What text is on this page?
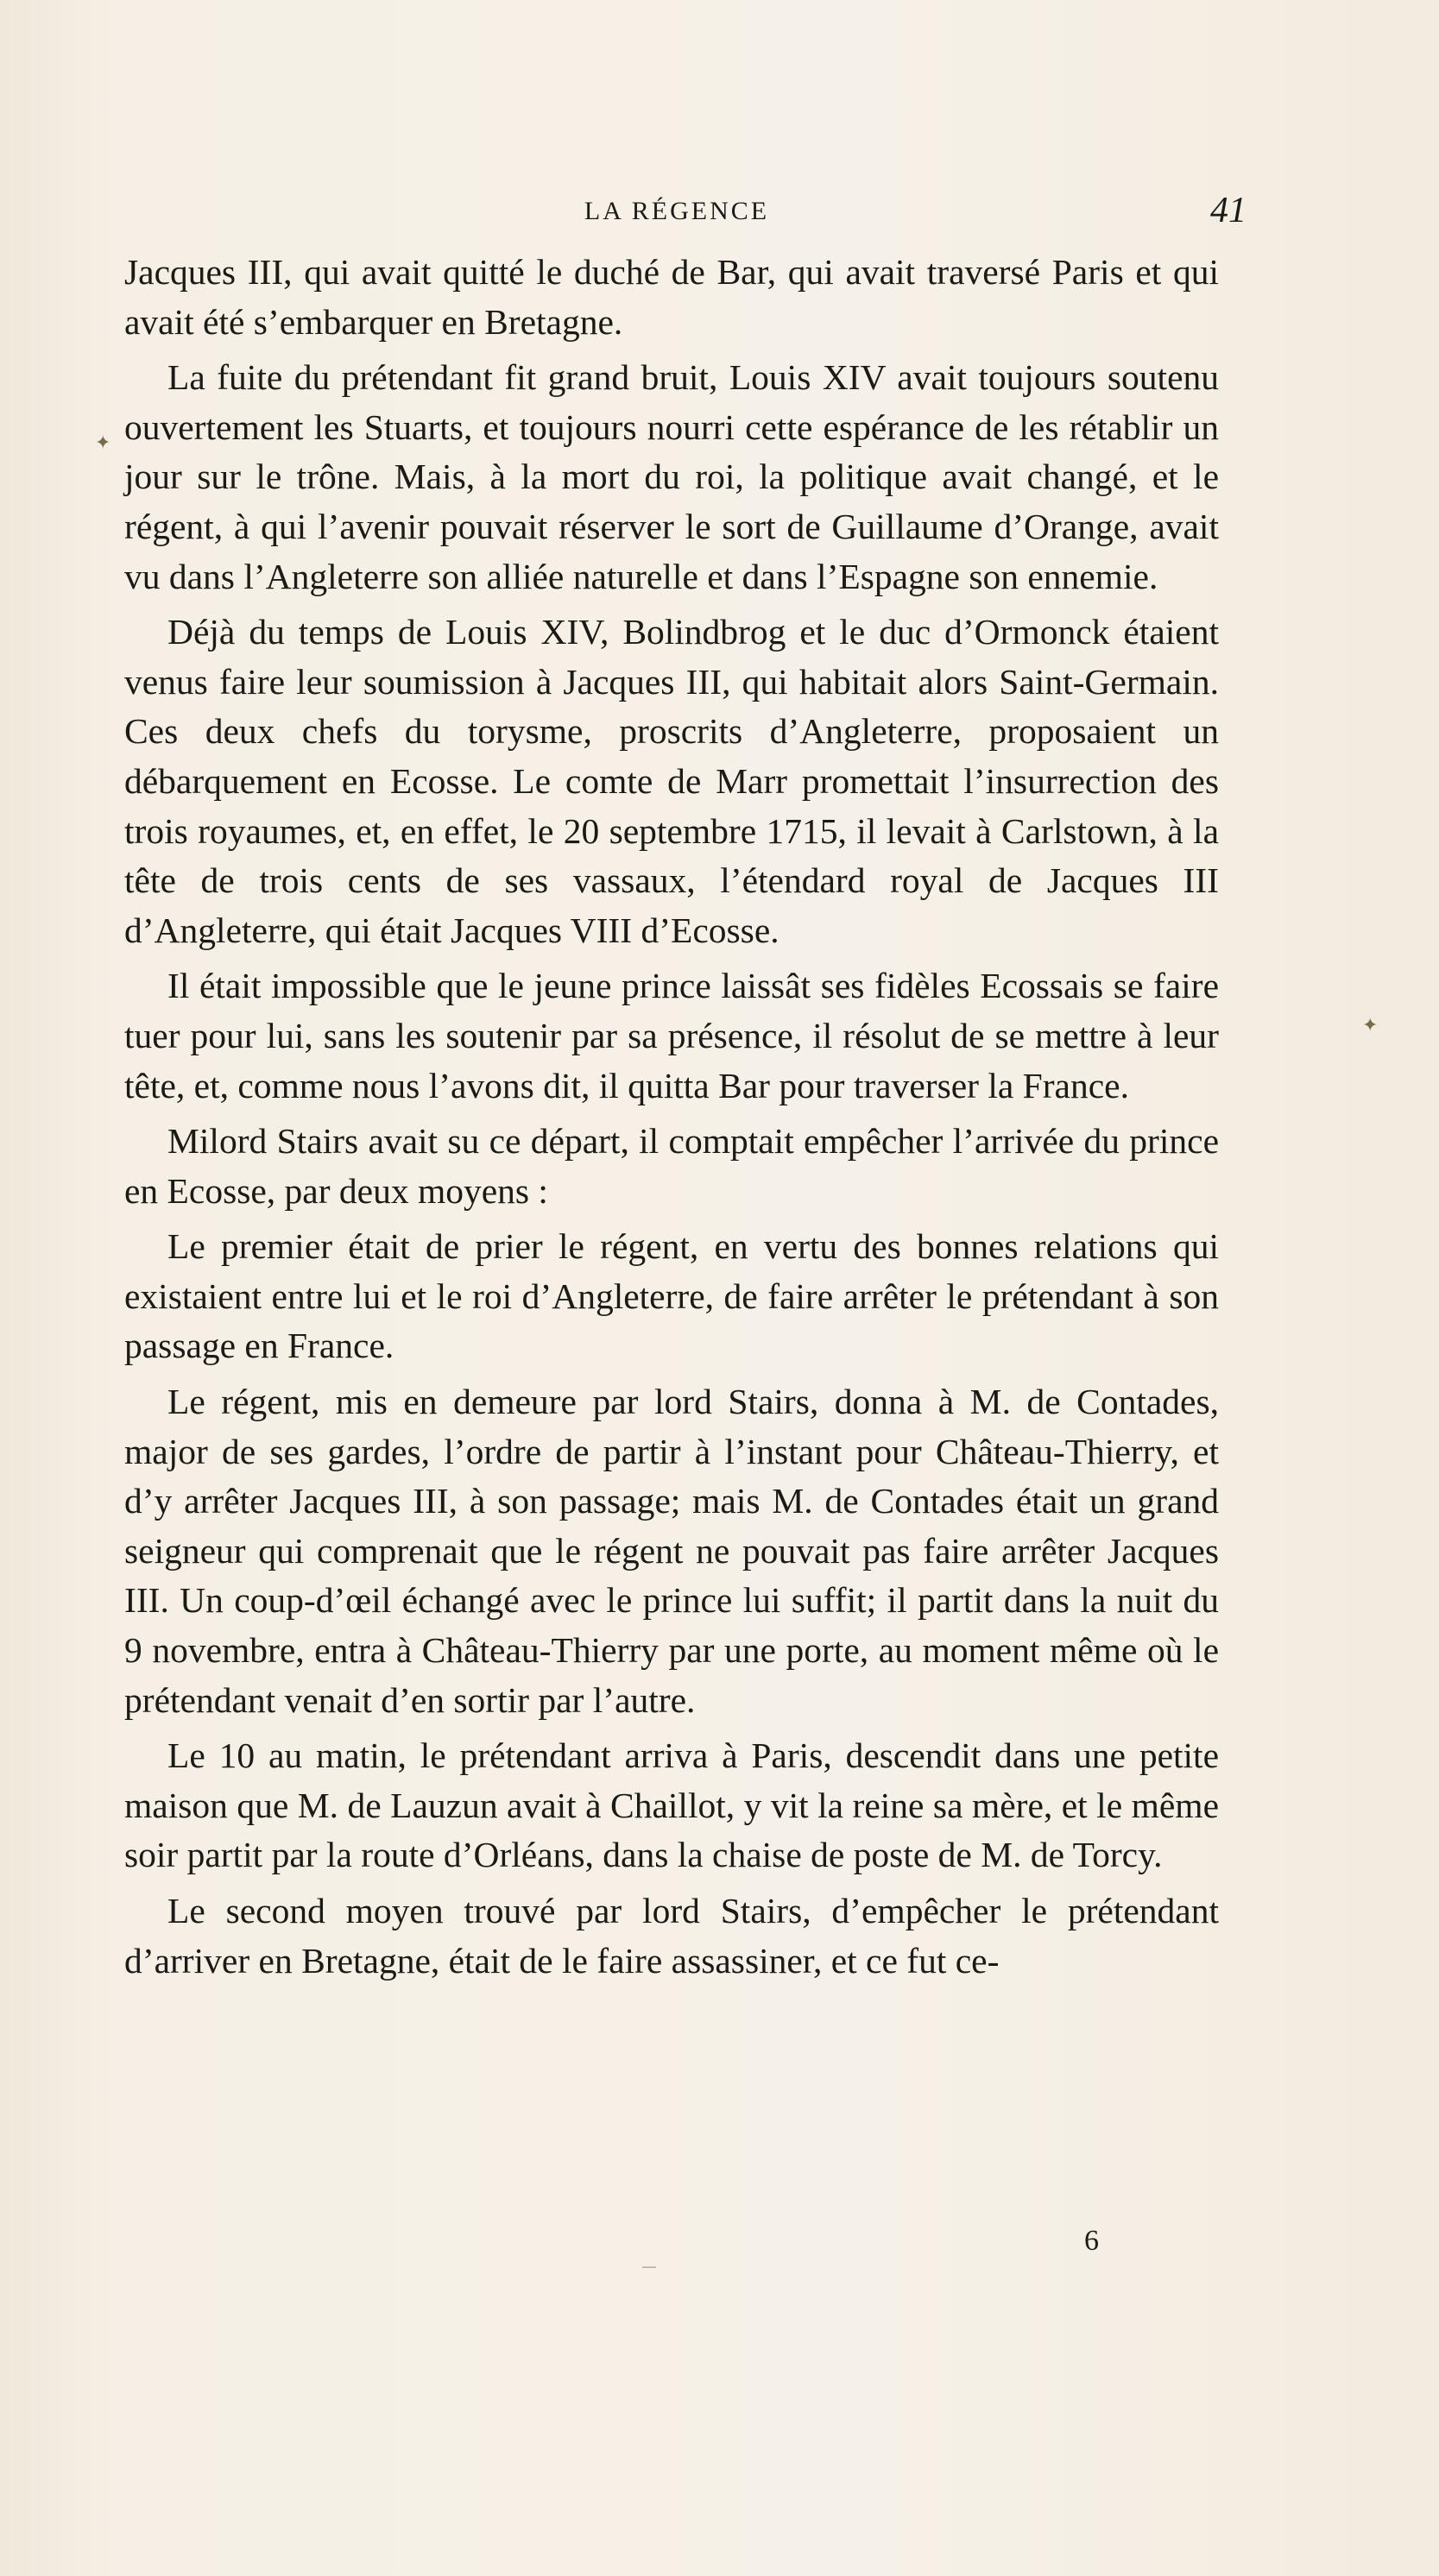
LA RÉGENCE	41

Jacques III, qui avait quitté le duché de Bar, qui avait traversé Paris et qui avait été s’embarquer en Bretagne.

La fuite du prétendant fit grand bruit, Louis XIV avait toujours soutenu ouvertement les Stuarts, et toujours nourri cette espérance de les rétablir un jour sur le trône. Mais, à la mort du roi, la politique avait changé, et le régent, à qui l’avenir pouvait réserver le sort de Guillaume d’Orange, avait vu dans l’Angleterre son alliée naturelle et dans l’Espagne son ennemie.

Déjà du temps de Louis XIV, Bolindbrog et le duc d’Ormonck étaient venus faire leur soumission à Jacques III, qui habitait alors Saint-Germain. Ces deux chefs du torysme, proscrits d’Angleterre, proposaient un débarquement en Ecosse. Le comte de Marr promettait l’insurrection des trois royaumes, et, en effet, le 20 septembre 1715, il levait à Carlstown, à la tête de trois cents de ses vassaux, l’étendard royal de Jacques III d’Angleterre, qui était Jacques VIII d’Ecosse.

Il était impossible que le jeune prince laissât ses fidèles Ecossais se faire tuer pour lui, sans les soutenir par sa présence, il résolut de se mettre à leur tête, et, comme nous l’avons dit, il quitta Bar pour traverser la France.

Milord Stairs avait su ce départ, il comptait empêcher l’arrivée du prince en Ecosse, par deux moyens :

Le premier était de prier le régent, en vertu des bonnes relations qui existaient entre lui et le roi d’Angleterre, de faire arrêter le prétendant à son passage en France.

Le régent, mis en demeure par lord Stairs, donna à M. de Contades, major de ses gardes, l’ordre de partir à l’instant pour Château-Thierry, et d’y arrêter Jacques III, à son passage; mais M. de Contades était un grand seigneur qui comprenait que le régent ne pouvait pas faire arrêter Jacques III. Un coup-d’œil échangé avec le prince lui suffit; il partit dans la nuit du 9 novembre, entra à Château-Thierry par une porte, au moment même où le prétendant venait d’en sortir par l’autre.

Le 10 au matin, le prétendant arriva à Paris, descendit dans une petite maison que M. de Lauzun avait à Chaillot, y vit la reine sa mère, et le même soir partit par la route d’Orléans, dans la chaise de poste de M. de Torcy.

Le second moyen trouvé par lord Stairs, d’empêcher le prétendant d’arriver en Bretagne, était de le faire assassiner, et ce fut ce-

6
✦
✦
—
